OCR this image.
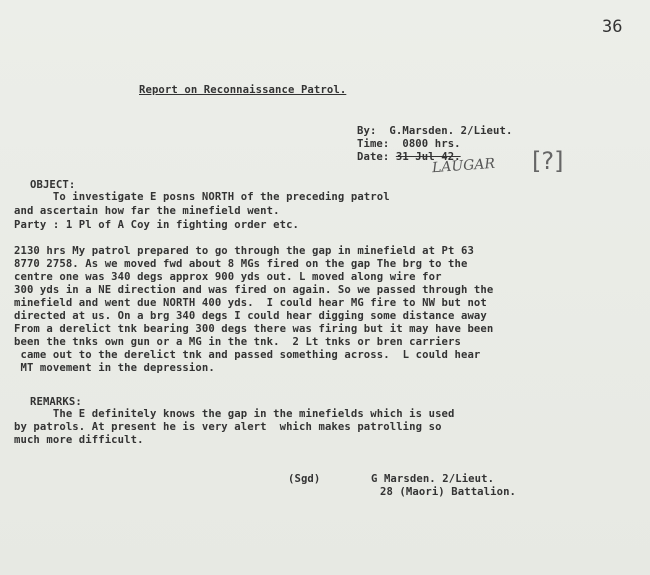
36
Report on Reconnaissance Patrol.
By:  G.Marsden. 2/Lieut.
Time:  0800 hrs.
Date: 31 Jul 42.
LAUGAR [?]
OBJECT:
To investigate E posns NORTH of the preceding patrol
and ascertain how far the minefield went.
Party : 1 Pl of A Coy in fighting order etc.
2130 hrs My patrol prepared to go through the gap in minefield at Pt 63
8770 2758. As we moved fwd about 8 MGs fired on the gap The brg to the
centre one was 340 degs approx 900 yds out. L moved along wire for
300 yds in a NE direction and was fired on again. So we passed through the
minefield and went due NORTH 400 yds.  I could hear MG fire to NW but not
directed at us. On a brg 340 degs I could hear digging some distance away
From a derelict tnk bearing 300 degs there was firing but it may have been
been the tnks own gun or a MG in the tnk.  2 Lt tnks or bren carriers
came out to the derelict tnk and passed something across.  L could hear
MT movement in the depression.
REMARKS:
The E definitely knows the gap in the minefields which is used
by patrols. At present he is very alert  which makes patrolling so
much more difficult.
(Sgd)	G Marsden. 2/Lieut.
28 (Maori) Battalion.
